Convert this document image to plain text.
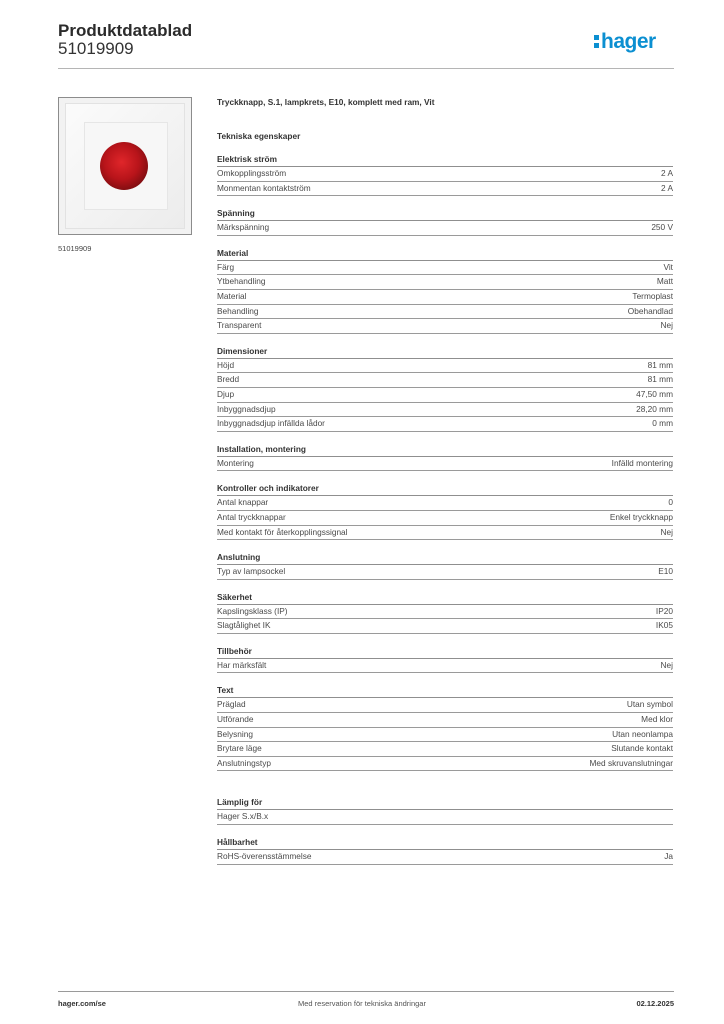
Produktdatablad
51019909	hager
51019909
Tryckknapp, S.1, lampkrets, E10, komplett med ram, Vit
Tekniska egenskaper
Elektrisk ström
Omkopplingsström	2 A
Monmentan kontaktström	2 A
Spänning
Märkspänning	250 V
Material
Färg	Vit
Ytbehandling	Matt
Material	Termoplast
Behandling	Obehandlad
Transparent	Nej
Dimensioner
Höjd	81 mm
Bredd	81 mm
Djup	47,50 mm
Inbyggnadsdjup	28,20 mm
Inbyggnadsdjup infällda lådor	0 mm
Installation, montering
Montering	Infälld montering
Kontroller och indikatorer
Antal knappar	0
Antal tryckknappar	Enkel tryckknapp
Med kontakt för återkopplingssignal	Nej
Anslutning
Typ av lampsockel	E10
Säkerhet
Kapslingsklass (IP)	IP20
Slagtålighet IK	IK05
Tillbehör
Har märksfält	Nej
Text
Präglad	Utan symbol
Utförande	Med klor
Belysning	Utan neonlampa
Brytare läge	Slutande kontakt
Anslutningstyp	Med skruvanslutningar
Lämplig för
Hager S.x/B.x
Hållbarhet
RoHS-överensstämmelse	Ja
hager.com/se	Med reservation för tekniska ändringar	02.12.2025
